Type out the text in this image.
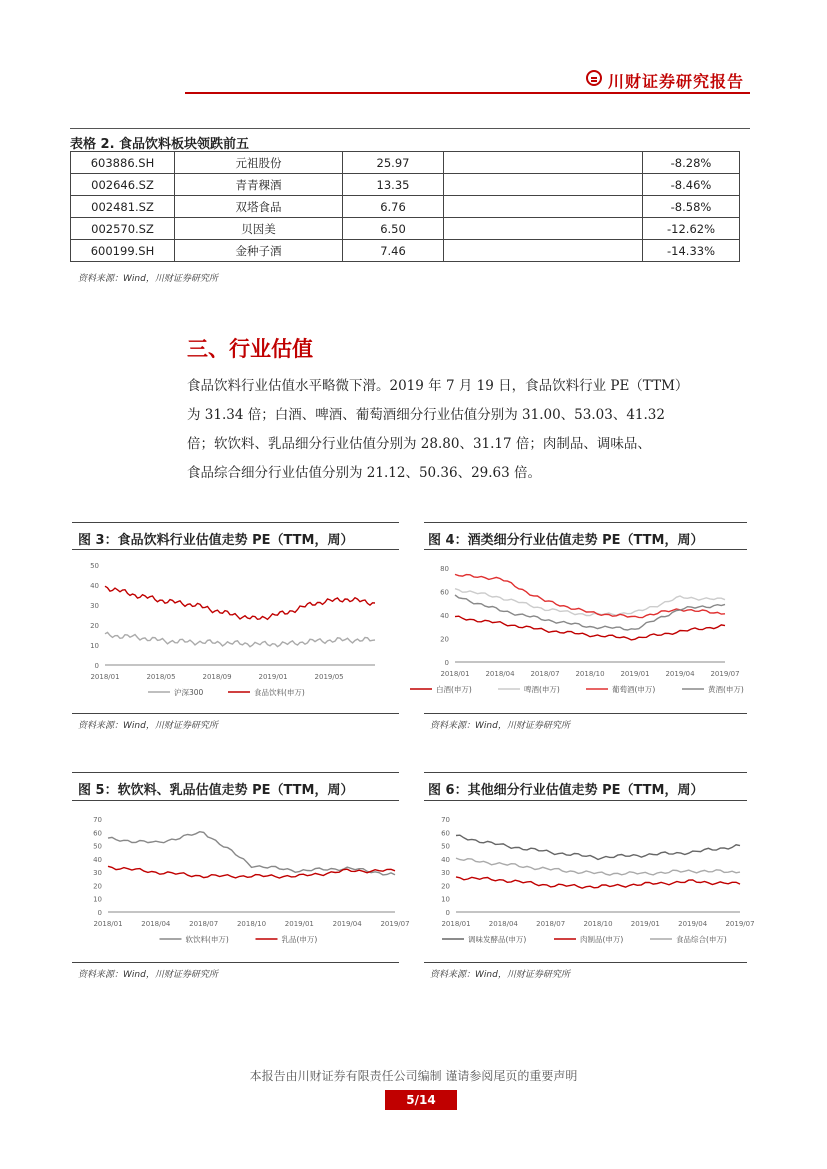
川财证券研究报告
表格 2. 食品饮料板块领跌前五
603886.SH	元祖股份	25.97		-8.28%
002646.SZ	青青稞酒	13.35		-8.46%
002481.SZ	双塔食品	6.76		-8.58%
002570.SZ	贝因美	6.50		-12.62%
600199.SH	金种子酒	7.46		-14.33%
资料来源：Wind，川财证券研究所
三、行业估值

食品饮料行业估值水平略微下滑。2019 年 7 月 19 日，食品饮料行业 PE（TTM）

为 31.34 倍；白酒、啤酒、葡萄酒细分行业估值分别为 31.00、53.03、41.32

倍；软饮料、乳品细分行业估值分别为 28.80、31.17 倍；肉制品、调味品、

食品综合细分行业估值分别为 21.12、50.36、29.63 倍。

图 3：食品饮料行业估值走势 PE（TTM，周）
0
10
20
30
40
50
2018/01	2018/05	2018/09	2019/01	2019/05
沪深300	食品饮料(申万)
资料来源：Wind，川财证券研究所
图 4：酒类细分行业估值走势 PE（TTM，周）
0
20
40
60
80
2018/01 2018/04 2018/07 2018/10 2019/01 2019/04 2019/07
白酒(申万)	啤酒(申万)	葡萄酒(申万)	黄酒(申万)
资料来源：Wind，川财证券研究所
图 5：软饮料、乳品估值走势 PE（TTM，周）
0
10
20
30
40
50
60
70
2018/01	2018/04	2018/07	2018/10	2019/01	2019/04	2019/07
软饮料(申万)	乳品(申万)
资料来源：Wind，川财证券研究所
图 6：其他细分行业估值走势 PE（TTM，周）
0
10
20
30
40
50
60
70
2018/01	2018/04	2018/07	2018/10	2019/01	2019/04	2019/07
调味发酵品(申万)	肉制品(申万)	食品综合(申万)
资料来源：Wind，川财证券研究所
本报告由川财证券有限责任公司编制 谨请参阅尾页的重要声明
5/14
